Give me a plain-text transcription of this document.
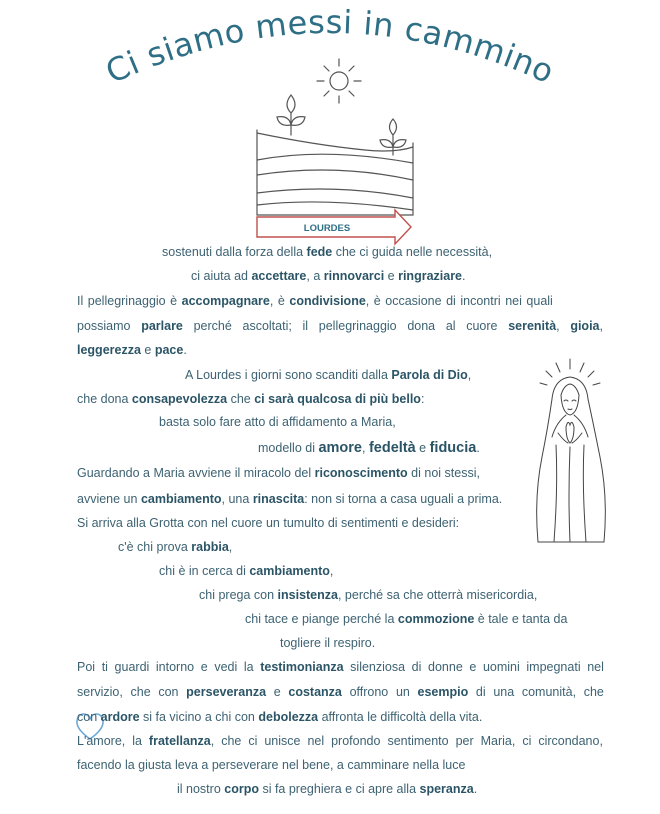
Ci siamo messi in cammino
LOURDES
sostenuti dalla forza della fede che ci guida nelle necessità,
ci aiuta ad accettare, a rinnovarci e ringraziare.
Il pellegrinaggio è accompagnare, è condivisione, è occasione di incontri nei quali
possiamo parlare perché ascoltati; il pellegrinaggio dona al cuore serenità, gioia,
leggerezza e pace.
A Lourdes i giorni sono scanditi dalla Parola di Dio,
che dona consapevolezza che ci sarà qualcosa di più bello:
basta solo fare atto di affidamento a Maria,
modello di amore, fedeltà e fiducia.
Guardando a Maria avviene il miracolo del riconoscimento di noi stessi,
avviene un cambiamento, una rinascita: non si torna a casa uguali a prima.
Si arriva alla Grotta con nel cuore un tumulto di sentimenti e desideri:
c'è chi prova rabbia,
chi è in cerca di cambiamento,
chi prega con insistenza, perché sa che otterrà misericordia,
chi tace e piange perché la commozione è tale e tanta da
togliere il respiro.
Poi ti guardi intorno e vedi la testimonianza silenziosa di donne e uomini impegnati nel
servizio, che con perseveranza e costanza offrono un esempio di una comunità, che
con ardore si fa vicino a chi con debolezza affronta le difficoltà della vita.
L'amore, la fratellanza, che ci unisce nel profondo sentimento per Maria, ci circondano,
facendo la giusta leva a perseverare nel bene, a camminare nella luce
il nostro corpo si fa preghiera e ci apre alla speranza.
